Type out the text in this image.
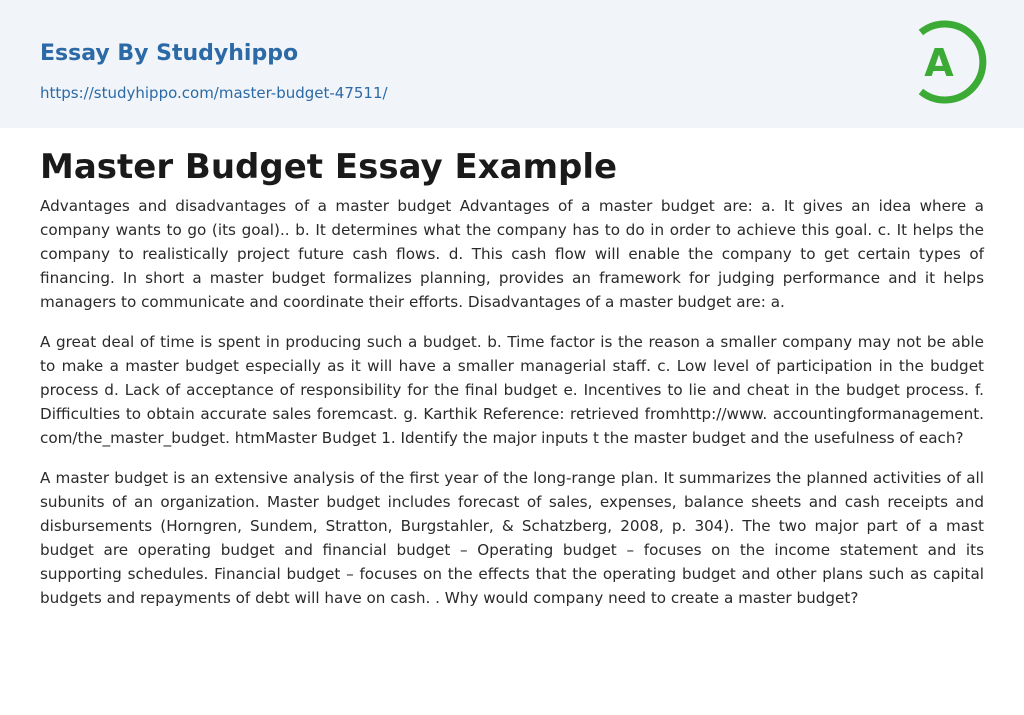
Essay By Studyhippo
https://studyhippo.com/master-budget-47511/
A
Master Budget Essay Example

Advantages and disadvantages of a master budget Advantages of a master budget are: a. It gives an idea where a company wants to go (its goal).. b. It determines what the company has to do in order to achieve this goal. c. It helps the company to realistically project future cash flows. d. This cash flow will enable the company to get certain types of financing. In short a master budget formalizes planning, provides an framework for judging performance and it helps managers to communicate and coordinate their efforts. Disadvantages of a master budget are: a.

A great deal of time is spent in producing such a budget. b. Time factor is the reason a smaller company may not be able to make a master budget especially as it will have a smaller managerial staff. c. Low level of participation in the budget process d. Lack of acceptance of responsibility for the final budget e. Incentives to lie and cheat in the budget process. f. Difficulties to obtain accurate sales foremcast. g. Karthik Reference: retrieved fromhttp://www. accountingformanagement. com/the_master_budget. htmMaster Budget 1. Identify the major inputs t the master budget and the usefulness of each?

A master budget is an extensive analysis of the first year of the long-range plan. It summarizes the planned activities of all subunits of an organization. Master budget includes forecast of sales, expenses, balance sheets and cash receipts and disbursements (Horngren, Sundem, Stratton, Burgstahler, & Schatzberg, 2008, p. 304). The two major part of a mast budget are operating budget and financial budget – Operating budget – focuses on the income statement and its supporting schedules. Financial budget – focuses on the effects that the operating budget and other plans such as capital budgets and repayments of debt will have on cash. . Why would company need to create a master budget?
